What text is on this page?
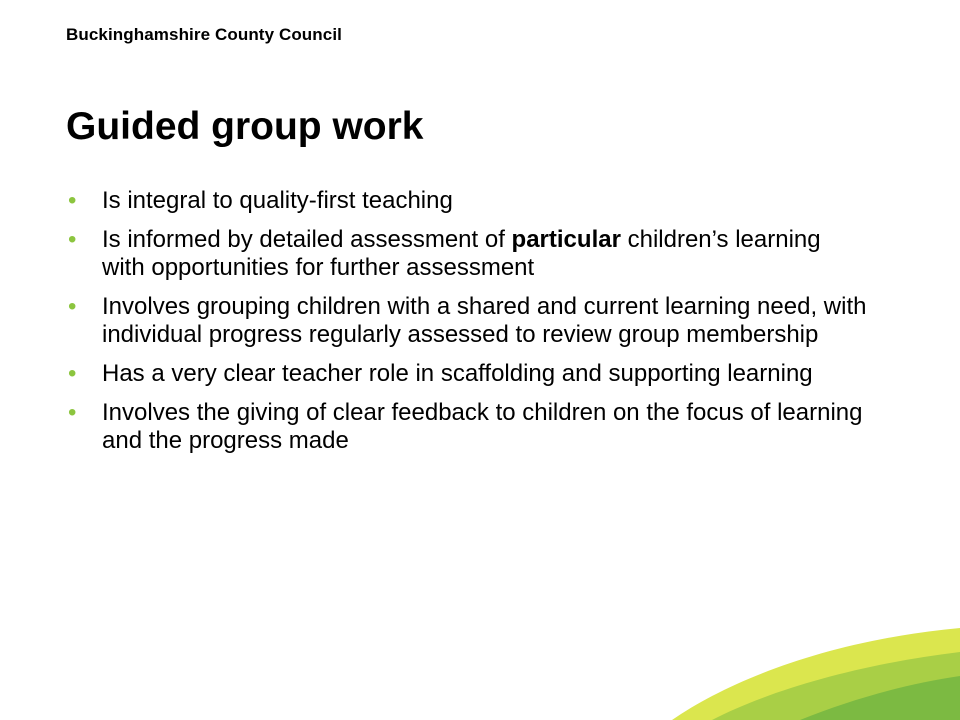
Buckinghamshire County Council
Guided group work
• Is integral to quality-first teaching
• Is informed by detailed assessment of particular children’s learning with opportunities for further assessment
• Involves grouping children with a shared and current learning need, with individual progress regularly assessed to review group membership
• Has a very clear teacher role in scaffolding and supporting learning
• Involves the giving of clear feedback to children on the focus of learning and the progress made
